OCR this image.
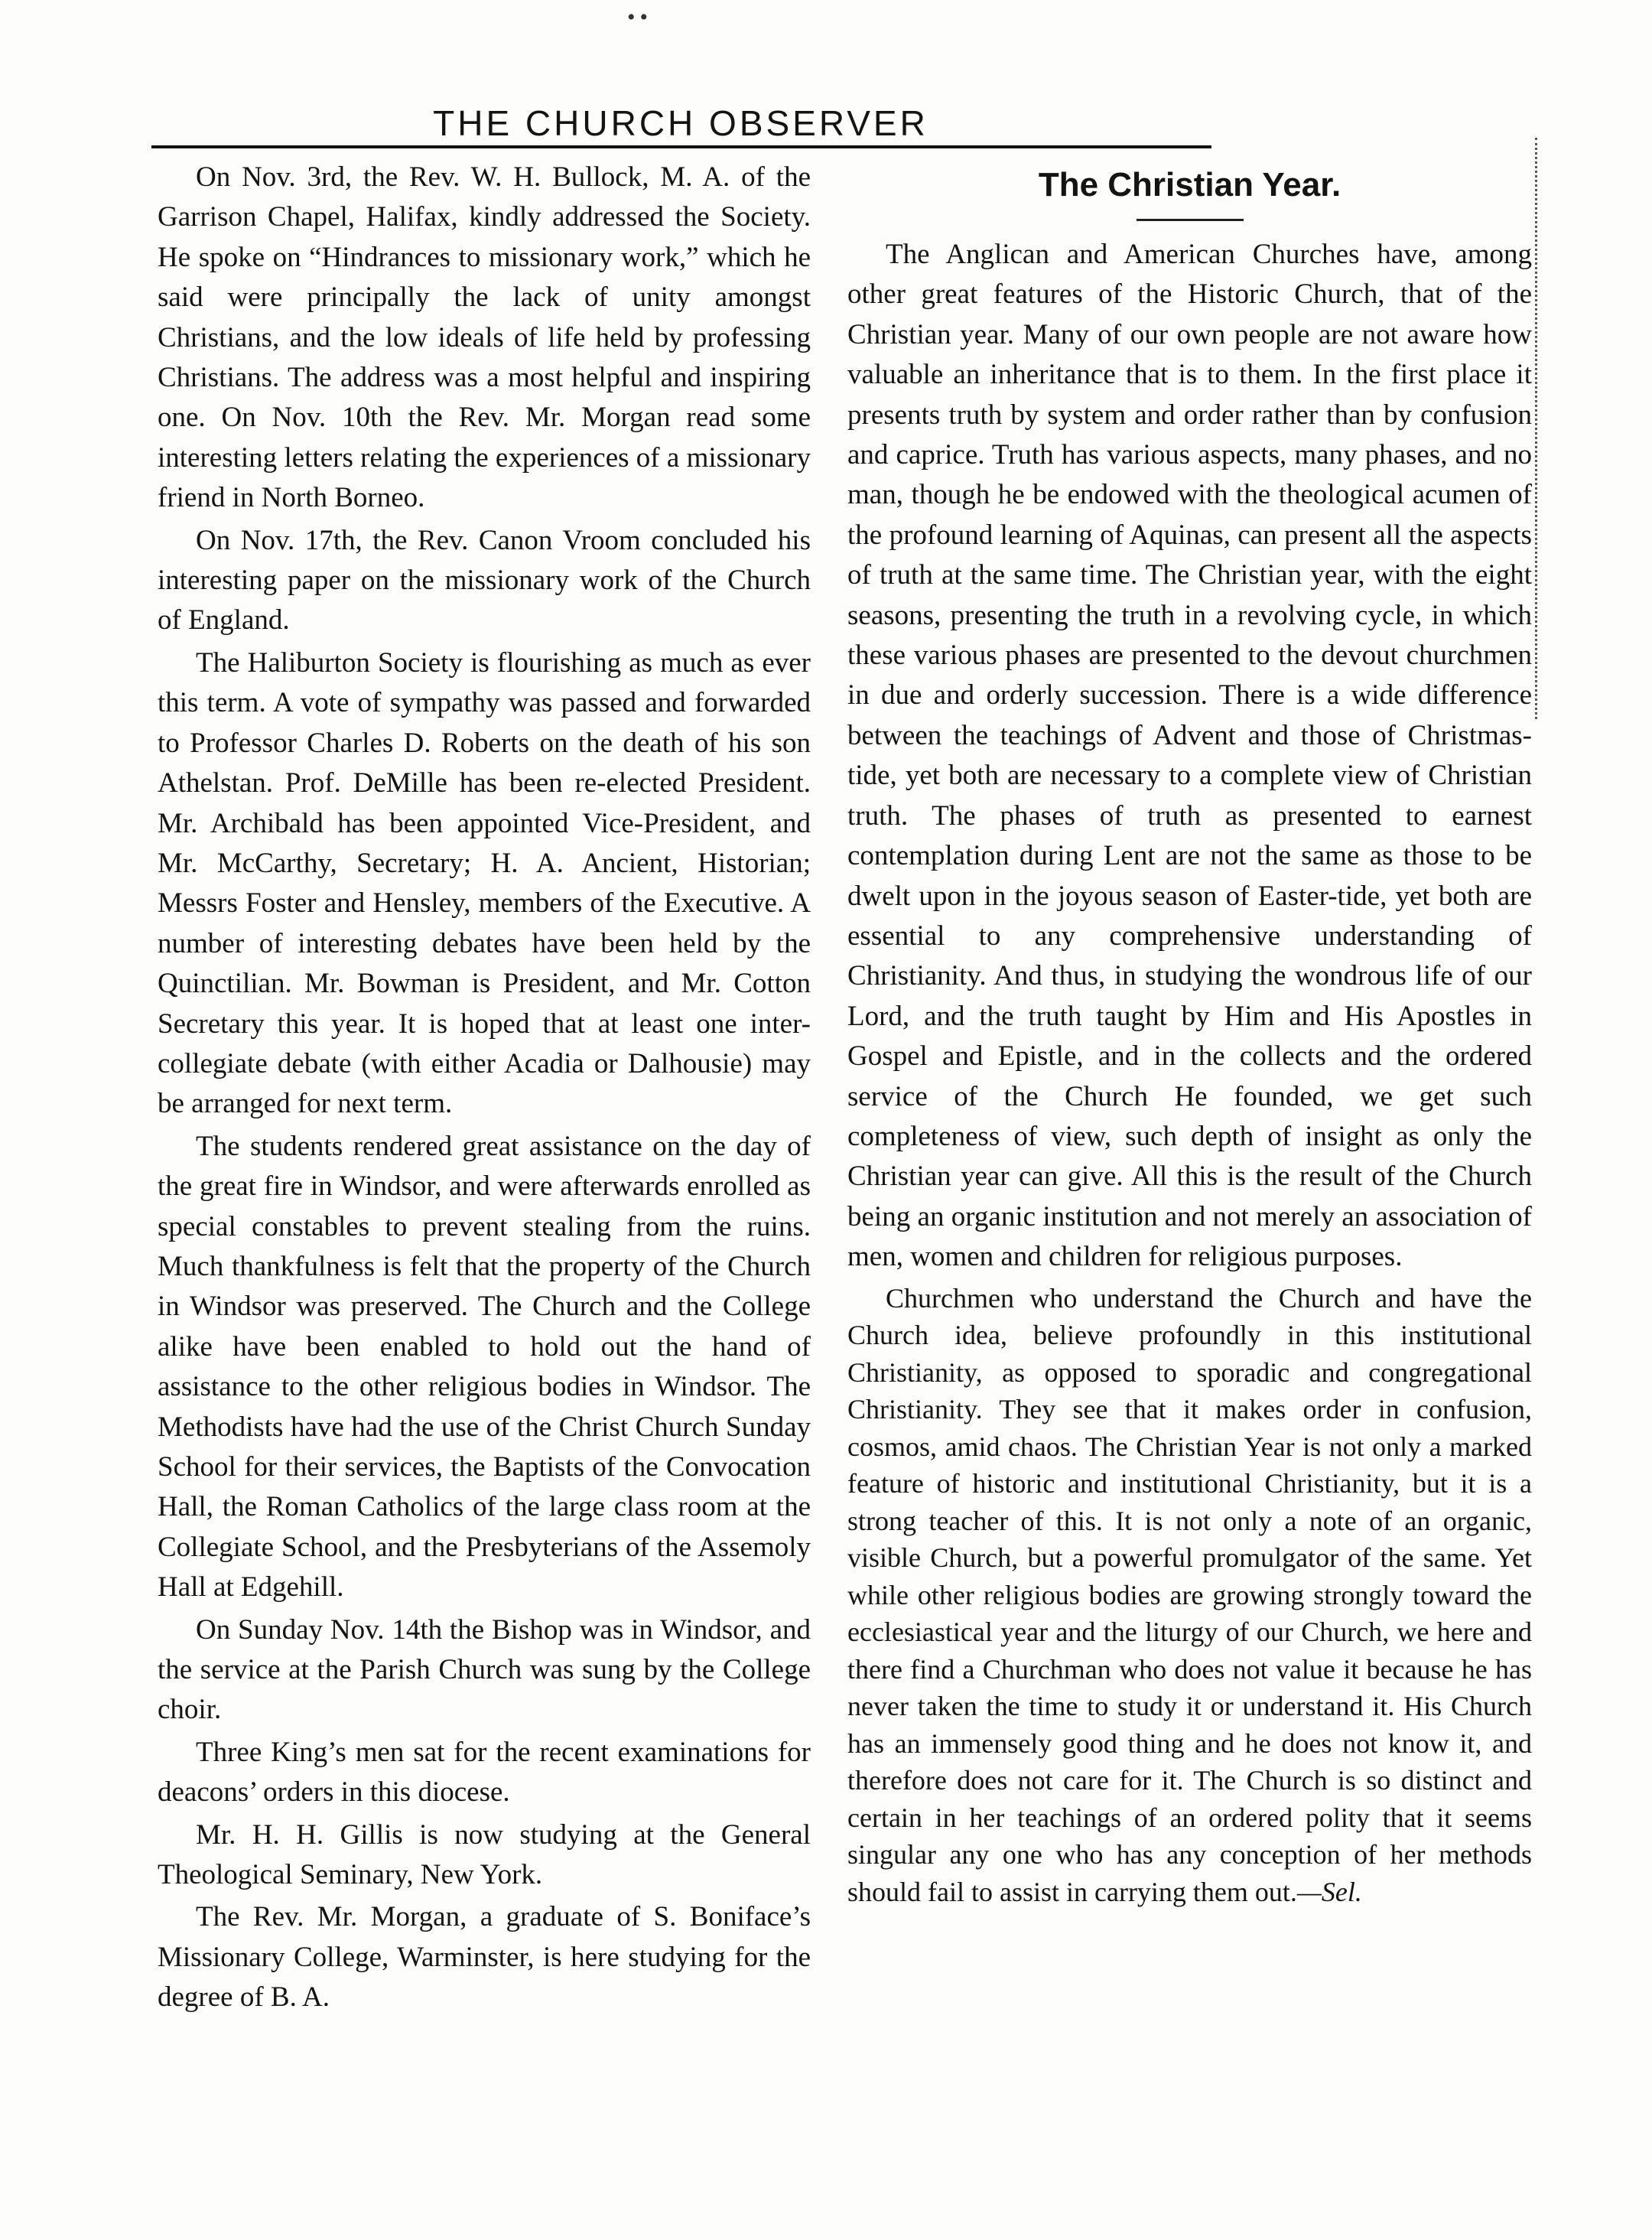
• •
THE CHURCH OBSERVER

On Nov. 3rd, the Rev. W. H. Bullock, M. A. of the Garrison Chapel, Halifax, kindly addressed the Society. He spoke on “Hindrances to missionary work,” which he said were principally the lack of unity amongst Christians, and the low ideals of life held by professing Christians. The address was a most helpful and inspiring one. On Nov. 10th the Rev. Mr. Morgan read some interesting letters relating the experiences of a missionary friend in North Borneo.

On Nov. 17th, the Rev. Canon Vroom concluded his interesting paper on the missionary work of the Church of England.

The Haliburton Society is flourishing as much as ever this term. A vote of sympathy was passed and forwarded to Professor Charles D. Roberts on the death of his son Athelstan. Prof. DeMille has been re-elected President. Mr. Archibald has been appointed Vice-President, and Mr. McCarthy, Secretary; H. A. Ancient, Historian; Messrs Foster and Hensley, members of the Executive. A number of interesting debates have been held by the Quinctilian. Mr. Bowman is President, and Mr. Cotton Secretary this year. It is hoped that at least one inter-collegiate debate (with either Acadia or Dalhousie) may be arranged for next term.

The students rendered great assistance on the day of the great fire in Windsor, and were afterwards enrolled as special constables to prevent stealing from the ruins. Much thankfulness is felt that the property of the Church in Windsor was preserved. The Church and the College alike have been enabled to hold out the hand of assistance to the other religious bodies in Windsor. The Methodists have had the use of the Christ Church Sunday School for their services, the Baptists of the Convocation Hall, the Roman Catholics of the large class room at the Collegiate School, and the Presbyterians of the Assemoly Hall at Edgehill.

On Sunday Nov. 14th the Bishop was in Windsor, and the service at the Parish Church was sung by the College choir.

Three King’s men sat for the recent examinations for deacons’ orders in this diocese.

Mr. H. H. Gillis is now studying at the General Theological Seminary, New York.

The Rev. Mr. Morgan, a graduate of S. Boniface’s Missionary College, Warminster, is here studying for the degree of B. A.

The Christian Year.

The Anglican and American Churches have, among other great features of the Historic Church, that of the Christian year. Many of our own people are not aware how valuable an inheritance that is to them. In the first place it presents truth by system and order rather than by confusion and caprice. Truth has various aspects, many phases, and no man, though he be endowed with the theological acumen of the profound learning of Aquinas, can present all the aspects of truth at the same time. The Christian year, with the eight seasons, presenting the truth in a revolving cycle, in which these various phases are presented to the devout churchmen in due and orderly succession. There is a wide difference between the teachings of Advent and those of Christmas-tide, yet both are necessary to a complete view of Christian truth. The phases of truth as presented to earnest contemplation during Lent are not the same as those to be dwelt upon in the joyous season of Easter-tide, yet both are essential to any comprehensive understanding of Christianity. And thus, in studying the wondrous life of our Lord, and the truth taught by Him and His Apostles in Gospel and Epistle, and in the collects and the ordered service of the Church He founded, we get such completeness of view, such depth of insight as only the Christian year can give. All this is the result of the Church being an organic institution and not merely an association of men, women and children for religious purposes.

Churchmen who understand the Church and have the Church idea, believe profoundly in this institutional Christianity, as opposed to sporadic and congregational Christianity. They see that it makes order in confusion, cosmos, amid chaos. The Christian Year is not only a marked feature of historic and institutional Christianity, but it is a strong teacher of this. It is not only a note of an organic, visible Church, but a powerful promulgator of the same. Yet while other religious bodies are growing strongly toward the ecclesiastical year and the liturgy of our Church, we here and there find a Churchman who does not value it because he has never taken the time to study it or understand it. His Church has an immensely good thing and he does not know it, and therefore does not care for it. The Church is so distinct and certain in her teachings of an ordered polity that it seems singular any one who has any conception of her methods should fail to assist in carrying them out.—Sel.
